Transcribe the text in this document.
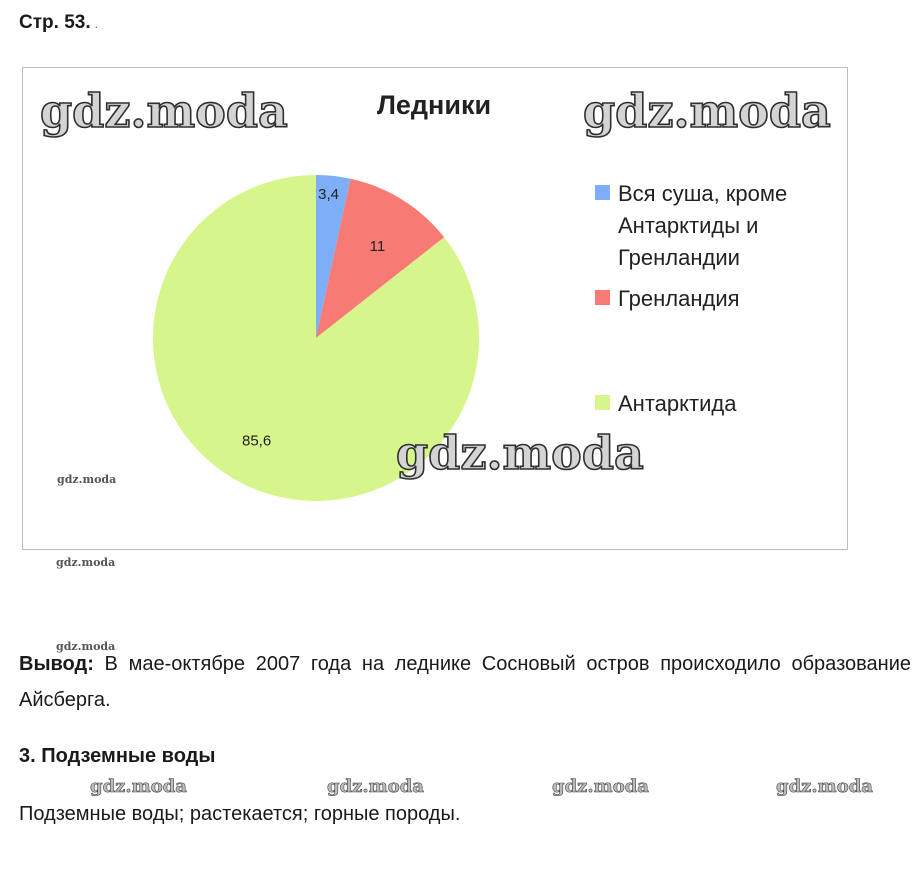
Стр. 53. .
3,4
11
85,6
Ледники
Вся суша, кроме Антарктиды и Гренландии
Гренландия
Антарктида
gdz.moda
gdz.moda	gdz.moda
gdz.moda
gdz.moda
gdz.moda
Вывод: В мае-октябре 2007 года на леднике Сосновый остров происходило образование Айсберга.
3. Подземные воды
gdz.moda	gdz.moda	gdz.moda	gdz.moda
Подземные воды; растекается; горные породы.
